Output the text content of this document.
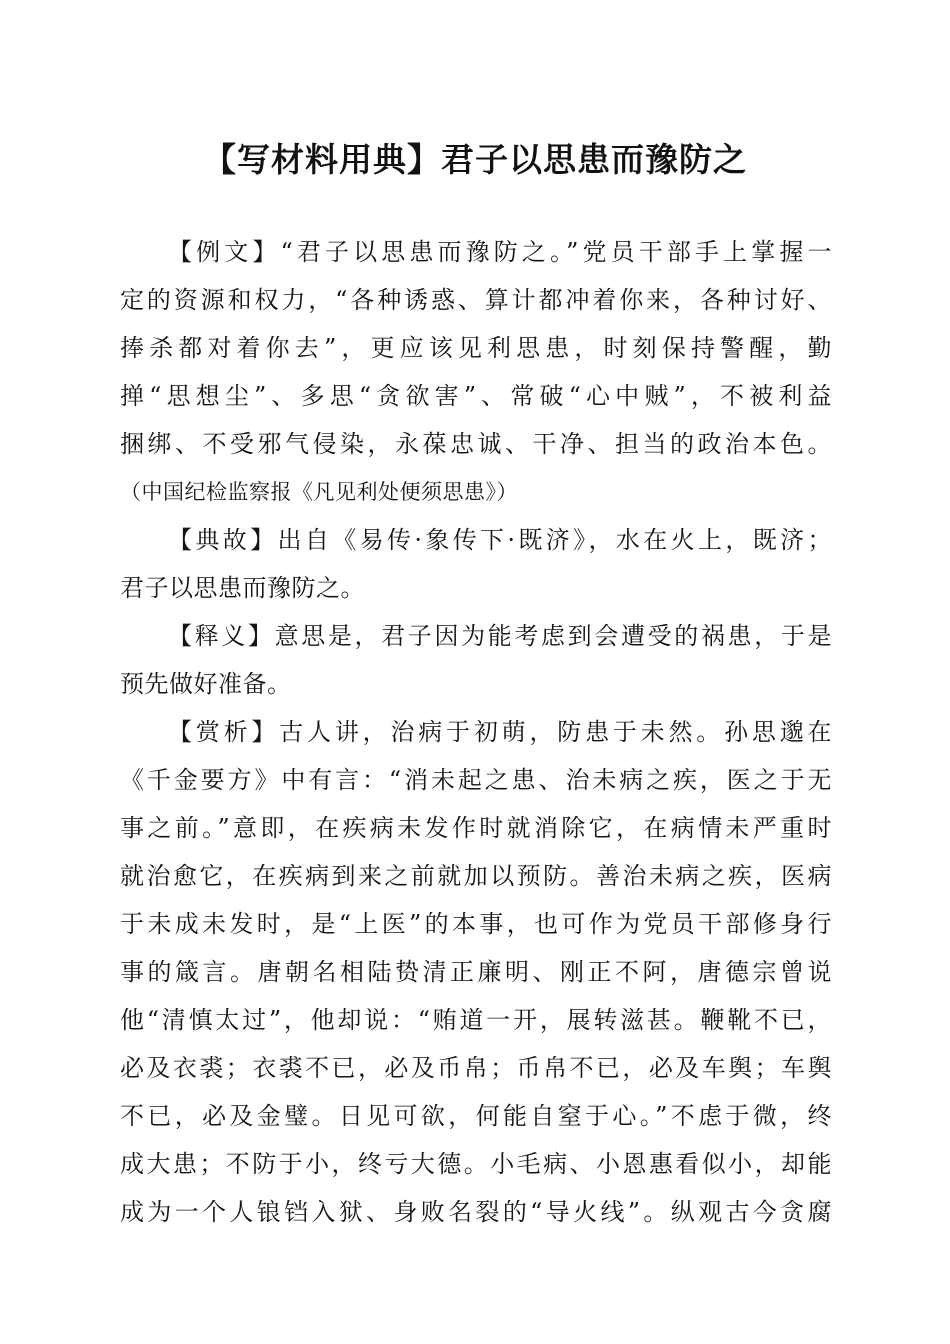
【写材料用典】君子以思患而豫防之
【例文】“君子以思患而豫防之。”党员干部手上掌握一
定的资源和权力，“各种诱惑、算计都冲着你来，各种讨好、
捧杀都对着你去”，更应该见利思患，时刻保持警醒，勤
掸“思想尘”、多思“贪欲害”、常破“心中贼”，不被利益
捆绑、不受邪气侵染，永葆忠诚、干净、担当的政治本色。
（中国纪检监察报《凡见利处便须思患》）
【典故】出自《易传·象传下·既济》，水在火上，既济；
君子以思患而豫防之。
【释义】意思是，君子因为能考虑到会遭受的祸患，于是
预先做好准备。
【赏析】古人讲，治病于初萌，防患于未然。孙思邈在
《千金要方》中有言：“消未起之患、治未病之疾，医之于无
事之前。”意即，在疾病未发作时就消除它，在病情未严重时
就治愈它，在疾病到来之前就加以预防。善治未病之疾，医病
于未成未发时，是“上医”的本事，也可作为党员干部修身行
事的箴言。唐朝名相陆贽清正廉明、刚正不阿，唐德宗曾说
他“清慎太过”，他却说：“贿道一开，展转滋甚。鞭靴不已，
必及衣裘；衣裘不已，必及币帛；币帛不已，必及车舆；车舆
不已，必及金璧。日见可欲，何能自窒于心。”不虑于微，终
成大患；不防于小，终亏大德。小毛病、小恩惠看似小，却能
成为一个人锒铛入狱、身败名裂的“导火线”。纵观古今贪腐
